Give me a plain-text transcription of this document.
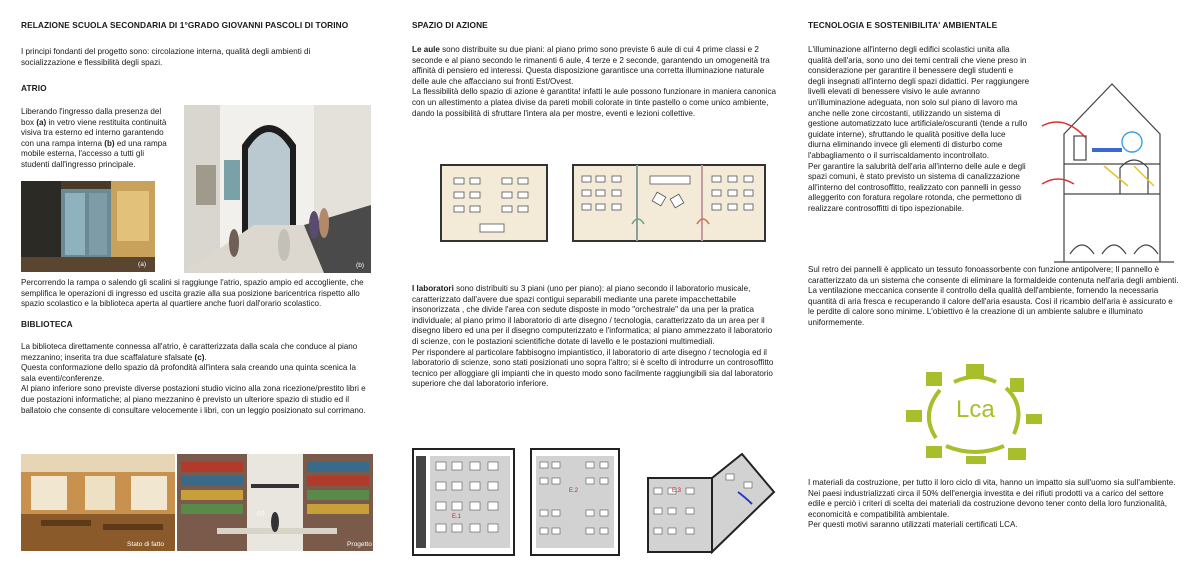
RELAZIONE SCUOLA SECONDARIA DI 1°GRADO GIOVANNI PASCOLI DI TORINO

I principi fondanti del progetto sono: circolazione interna, qualità degli ambienti di socializzazione e flessibilità degli spazi.

ATRIO

Liberando l'ingresso dalla presenza del box (a) in vetro viene restituita continuità visiva tra esterno ed interno garantendo con una rampa interna (b) ed una rampa mobile esterna, l'accesso a tutti gli studenti dall'ingresso principale.

(a)	(b)

Percorrendo la rampa o salendo gli scalini si raggiunge l'atrio, spazio ampio ed accogliente, che semplifica le operazioni di ingresso ed uscita grazie alla sua posizione baricentrica rispetto allo spazio scolastico e la biblioteca aperta al quartiere anche fuori dall'orario scolastico.

BIBLIOTECA

La biblioteca direttamente connessa all'atrio, è caratterizzata dalla scala che conduce al piano mezzanino; inserita tra due scaffalature sfalsate (c).
Questa conformazione dello spazio dà profondità all'intera sala creando una quinta scenica la sala eventi/conferenze.
Al piano inferiore sono previste diverse postazioni studio vicino alla zona ricezione/prestito libri e due postazioni informatiche; al piano mezzanino è previsto un ulteriore spazio di studio ed il ballatoio che consente di consultare velocemente i libri, con un leggio posizionato sul corrimano.

Stato di fatto
(c)
Progetto
SPAZIO DI AZIONE

Le aule sono distribuite su due piani: al piano primo sono previste 6 aule di cui 4 prime classi e 2 seconde e al piano secondo le rimanenti 6 aule, 4 terze e 2 seconde, garantendo un omogeneità tra affinità di pensiero ed interessi. Questa disposizione garantisce una corretta illuminazione naturale delle aule che affacciano sui fronti Est/Ovest.
La flessibilità dello spazio di azione è garantita! infatti le aule possono funzionare in maniera canonica con un allestimento a platea divise da pareti mobili colorate in tinte pastello o come unico ambiente, dando la possibilità di sfruttare l'intera ala per mostre, eventi e lezioni collettive.

I laboratori sono distribuiti su 3 piani (uno per piano): al piano secondo il laboratorio musicale, caratterizzato dall'avere due spazi contigui separabili mediante una parete impacchettabile insonorizzata , che divide l'area con sedute disposte in modo "orchestrale" da una per la pratica individuale; al piano primo il laboratorio di arte disegno / tecnologia, caratterizzato da un area per il disegno libero ed una per il disegno computerizzato e l'informatica; al piano ammezzato il laboratorio di scienze, con le postazioni scientifiche dotate di lavello e le postazioni multimediali.
Per rispondere al particolare fabbisogno impiantistico, il laboratorio di arte disegno / tecnologia ed il laboratorio di scienze, sono stati posizionati uno sopra l'altro; si è scelto di introdurre un controsoffitto tecnico per alloggiare gli impianti che in questo modo sono facilmente raggiungibili sia dal laboratorio superiore che dal laboratorio inferiore.

E.1
E.2	E.3
TECNOLOGIA E SOSTENIBILITA' AMBIENTALE

L'illuminazione all'interno degli edifici scolastici unita alla qualità dell'aria, sono uno dei temi centrali che viene preso in considerazione per garantire il benessere degli studenti e degli insegnati all'interno degli spazi didattici. Per raggiungere livelli elevati di benessere visivo le aule avranno un'illuminazione adeguata, non solo sul piano di lavoro ma anche nelle zone circostanti, utilizzando un sistema di gestione automatizzato luce artificiale/oscuranti (tende a rullo guidate interne), sfruttando le qualità positive della luce diurna eliminando invece gli elementi di disturbo come l'abbagliamento o il surriscaldamento incontrollato.
Per garantire la salubrità dell'aria all'interno delle aule e degli spazi comuni, è stato previsto un sistema di canalizzazione all'interno del controsoffitto, realizzato con pannelli in gesso alleggerito con foratura regolare rotonda, che permettono di realizzare controsoffitti di tipo ispezionabile.

Sul retro dei pannelli è applicato un tessuto fonoassorbente con funzione antipolvere; Il pannello è caratterizzato da un sistema che consente di eliminare la formaldeide contenuta nell'aria degli ambienti.
La ventilazione meccanica consente il controllo della qualità dell'ambiente, fornendo la necessaria quantità di aria fresca e recuperando il calore dell'aria esausta. Così il ricambio dell'aria è assicurato e le perdite di calore sono minime. L'obiettivo è la creazione di un ambiente salubre e illuminato uniformemente.

Lca

I materiali da costruzione, per tutto il loro ciclo di vita, hanno un impatto sia sull'uomo sia sull'ambiente. Nei paesi industrializzati circa il 50% dell'energia investita e dei rifiuti prodotti va a carico del settore edile e perciò i criteri di scelta dei materiali da costruzione devono tener conto della loro funzionalità, economicità e compatibilità ambientale.
Per questi motivi saranno utilizzati materiali certificati LCA.
